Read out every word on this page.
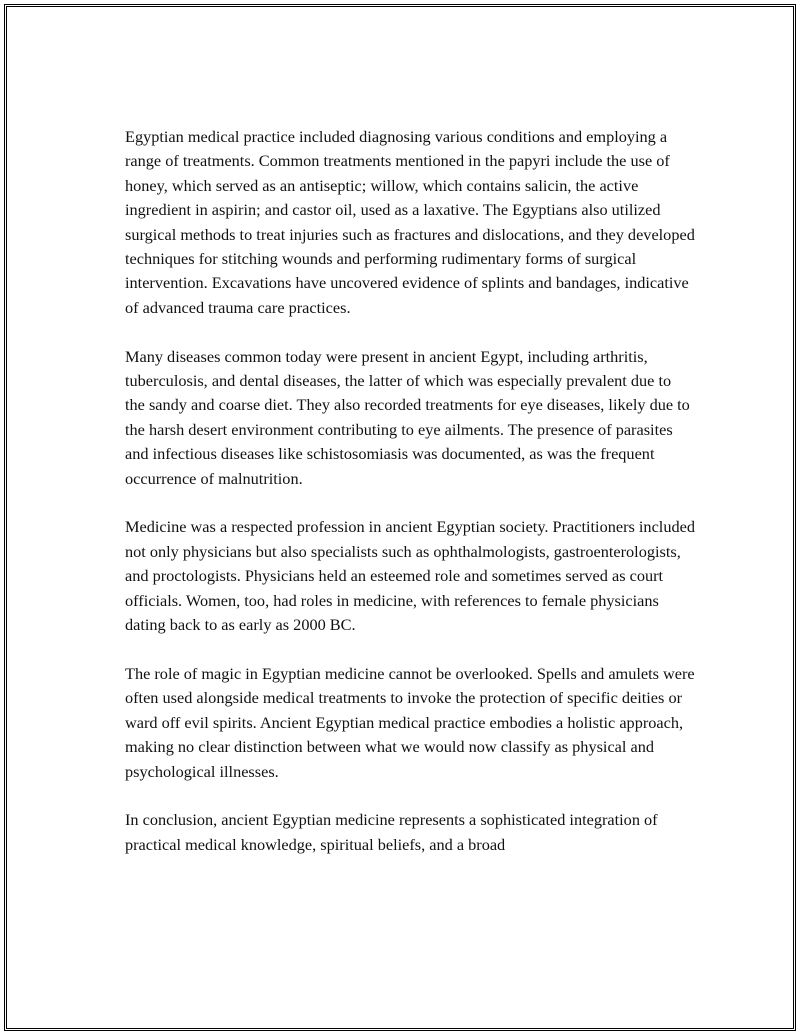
Egyptian medical practice included diagnosing various conditions and employing a range of treatments. Common treatments mentioned in the papyri include the use of honey, which served as an antiseptic; willow, which contains salicin, the active ingredient in aspirin; and castor oil, used as a laxative. The Egyptians also utilized surgical methods to treat injuries such as fractures and dislocations, and they developed techniques for stitching wounds and performing rudimentary forms of surgical intervention. Excavations have uncovered evidence of splints and bandages, indicative of advanced trauma care practices.

Many diseases common today were present in ancient Egypt, including arthritis, tuberculosis, and dental diseases, the latter of which was especially prevalent due to the sandy and coarse diet. They also recorded treatments for eye diseases, likely due to the harsh desert environment contributing to eye ailments. The presence of parasites and infectious diseases like schistosomiasis was documented, as was the frequent occurrence of malnutrition.

Medicine was a respected profession in ancient Egyptian society. Practitioners included not only physicians but also specialists such as ophthalmologists, gastroenterologists, and proctologists. Physicians held an esteemed role and sometimes served as court officials. Women, too, had roles in medicine, with references to female physicians dating back to as early as 2000 BC.

The role of magic in Egyptian medicine cannot be overlooked. Spells and amulets were often used alongside medical treatments to invoke the protection of specific deities or ward off evil spirits. Ancient Egyptian medical practice embodies a holistic approach, making no clear distinction between what we would now classify as physical and psychological illnesses.

In conclusion, ancient Egyptian medicine represents a sophisticated integration of practical medical knowledge, spiritual beliefs, and a broad
